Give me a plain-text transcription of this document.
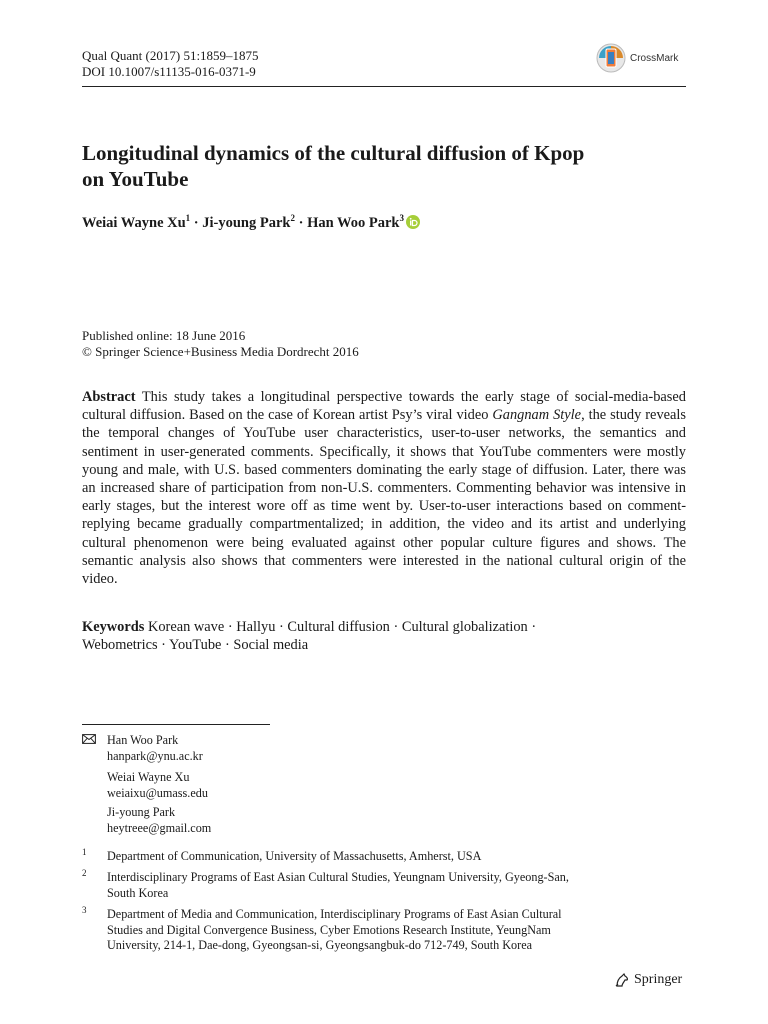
Qual Quant (2017) 51:1859–1875
DOI 10.1007/s11135-016-0371-9
CrossMark
Longitudinal dynamics of the cultural diffusion of Kpop
on YouTube
Weiai Wayne $Xu^1$ · Ji-young Park$^2$ · Han Woo Park$^3$
Published online: 18 June 2016
© Springer Science+Business Media Dordrecht 2016

Abstract This study takes a longitudinal perspective towards the early stage of social-media-based cultural diffusion. Based on the case of Korean artist Psy’s viral video Gangnam Style, the study reveals the temporal changes of YouTube user characteristics, user-to-user networks, the semantics and sentiment in user-generated comments. Specifically, it shows that YouTube commenters were mostly young and male, with U.S. based commenters dominating the early stage of diffusion. Later, there was an increased share of participation from non-U.S. commenters. Commenting behavior was intensive in early stages, but the interest wore off as time went by. User-to-user interactions based on comment-replying became gradually compartmentalized; in addition, the video and its artist and underlying cultural phenomenon were being evaluated against other popular culture figures and shows. The semantic analysis also shows that commenters were interested in the national cultural origin of the video.

Keywords Korean wave · Hallyu · Cultural diffusion · Cultural globalization ·
Webometrics · YouTube · Social media

Han Woo Park
hanpark@ynu.ac.kr
Weiai Wayne Xu
weiaixu@umass.edu
Ji-young Park
heytreee@gmail.com
1 Department of Communication, University of Massachusetts, Amherst, USA
2 Interdisciplinary Programs of East Asian Cultural Studies, Yeungnam University, Gyeong-San,
South Korea
3 Department of Media and Communication, Interdisciplinary Programs of East Asian Cultural
Studies and Digital Convergence Business, Cyber Emotions Research Institute, YeungNam
University, 214-1, Dae-dong, Gyeongsan-si, Gyeongsangbuk-do 712-749, South Korea
Springer
